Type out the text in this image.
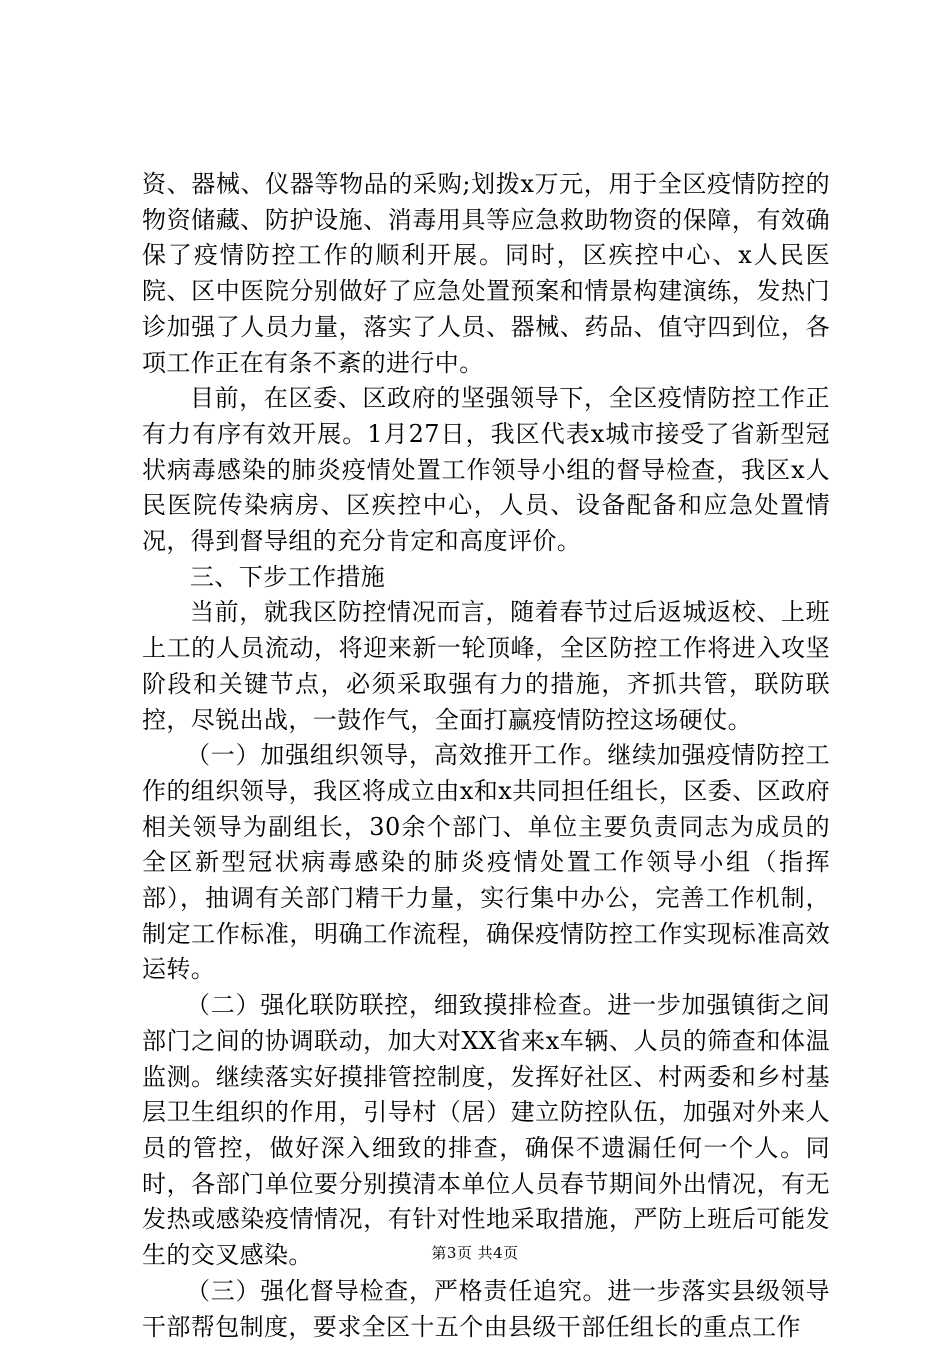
资、器械、仪器等物品的采购;划拨x万元，用于全区疫情防控的物资储藏、防护设施、消毒用具等应急救助物资的保障，有效确保了疫情防控工作的顺利开展。同时，区疾控中心、x人民医院、区中医院分别做好了应急处置预案和情景构建演练，发热门诊加强了人员力量，落实了人员、器械、药品、值守四到位，各项工作正在有条不紊的进行中。

目前，在区委、区政府的坚强领导下，全区疫情防控工作正有力有序有效开展。1月27日，我区代表x城市接受了省新型冠状病毒感染的肺炎疫情处置工作领导小组的督导检查，我区x人民医院传染病房、区疾控中心，人员、设备配备和应急处置情况，得到督导组的充分肯定和高度评价。

三、下步工作措施

当前，就我区防控情况而言，随着春节过后返城返校、上班上工的人员流动，将迎来新一轮顶峰，全区防控工作将进入攻坚阶段和关键节点，必须采取强有力的措施，齐抓共管，联防联控，尽锐出战，一鼓作气，全面打赢疫情防控这场硬仗。

（一）加强组织领导，高效推开工作。继续加强疫情防控工作的组织领导，我区将成立由x和x共同担任组长，区委、区政府相关领导为副组长，30余个部门、单位主要负责同志为成员的全区新型冠状病毒感染的肺炎疫情处置工作领导小组（指挥部），抽调有关部门精干力量，实行集中办公，完善工作机制，制定工作标准，明确工作流程，确保疫情防控工作实现标准高效运转。

（二）强化联防联控，细致摸排检查。进一步加强镇街之间部门之间的协调联动，加大对XX省来x车辆、人员的筛查和体温监测。继续落实好摸排管控制度，发挥好社区、村两委和乡村基层卫生组织的作用，引导村（居）建立防控队伍，加强对外来人员的管控，做好深入细致的排查，确保不遗漏任何一个人。同时，各部门单位要分别摸清本单位人员春节期间外出情况，有无发热或感染疫情情况，有针对性地采取措施，严防上班后可能发生的交叉感染。

（三）强化督导检查，严格责任追究。进一步落实县级领导干部帮包制度，要求全区十五个由县级干部任组长的重点工作

第3页 共4页
